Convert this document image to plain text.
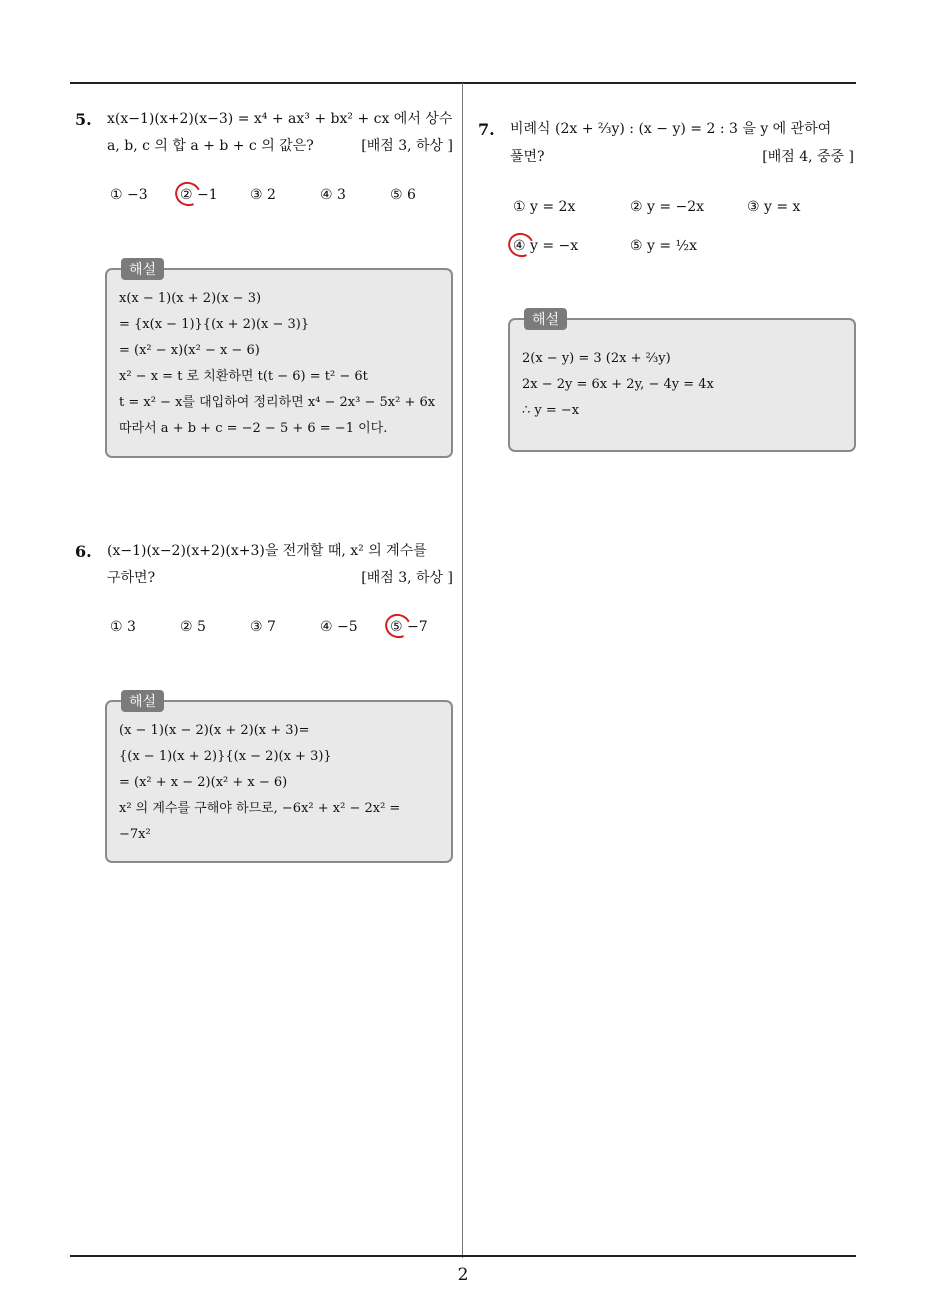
5. x(x−1)(x+2)(x−3) = x⁴ + ax³ + bx² + cx 에서 상수
a, b, c 의 합 a + b + c 의 값은?	[배점 3, 하상 ]
① −3 ② −1 ③ 2	④ 3	⑤ 6
해설
x(x − 1)(x + 2)(x − 3)
= {x(x − 1)}{(x + 2)(x − 3)}
= (x² − x)(x² − x − 6)
x² − x = t 로 치환하면 t(t − 6) = t² − 6t
t = x² − x를 대입하여 정리하면 x⁴ − 2x³ − 5x² + 6x
따라서 a + b + c = −2 − 5 + 6 = −1 이다.
6. (x−1)(x−2)(x+2)(x+3)을 전개할 때, x² 의 계수를
구하면?	[배점 3, 하상 ]
① 3	② 5	③ 7	④ −5 ⑤ −7
해설
(x − 1)(x − 2)(x + 2)(x + 3)=
{(x − 1)(x + 2)}{(x − 2)(x + 3)}
= (x² + x − 2)(x² + x − 6)
x² 의 계수를 구해야 하므로, −6x² + x² − 2x² =
−7x²
7. 비례식 (2x + ⅔y) : (x − y) = 2 : 3 을 y 에 관하여
풀면?	[배점 4, 중중 ]
① y = 2x	② y = −2x	③ y = x
④ y = −x	⑤ y = ½x
해설
2(x − y) = 3 (2x + ⅔y)
2x − 2y = 6x + 2y, − 4y = 4x
∴ y = −x
2
